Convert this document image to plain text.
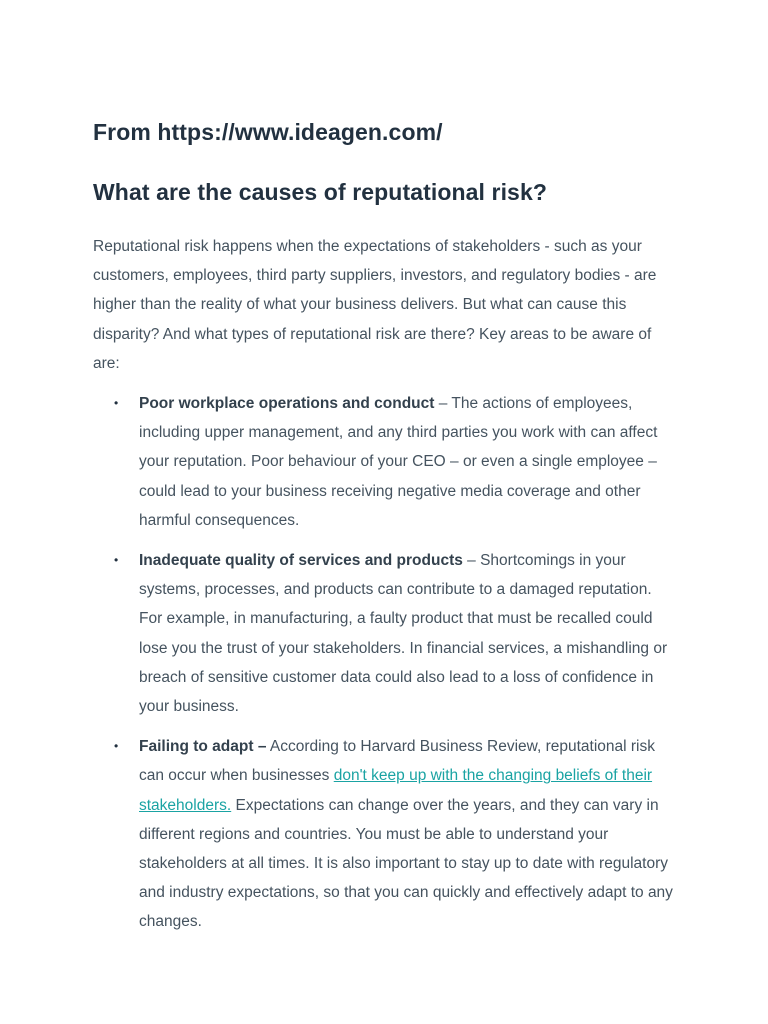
From https://www.ideagen.com/
What are the causes of reputational risk?

Reputational risk happens when the expectations of stakeholders - such as your customers, employees, third party suppliers, investors, and regulatory bodies - are higher than the reality of what your business delivers. But what can cause this disparity? And what types of reputational risk are there? Key areas to be aware of are:

• Poor workplace operations and conduct – The actions of employees, including upper management, and any third parties you work with can affect your reputation. Poor behaviour of your CEO – or even a single employee – could lead to your business receiving negative media coverage and other harmful consequences.
• Inadequate quality of services and products – Shortcomings in your systems, processes, and products can contribute to a damaged reputation. For example, in manufacturing, a faulty product that must be recalled could lose you the trust of your stakeholders. In financial services, a mishandling or breach of sensitive customer data could also lead to a loss of confidence in your business.
• Failing to adapt – According to Harvard Business Review, reputational risk can occur when businesses don't keep up with the changing beliefs of their stakeholders. Expectations can change over the years, and they can vary in different regions and countries. You must be able to understand your stakeholders at all times. It is also important to stay up to date with regulatory and industry expectations, so that you can quickly and effectively adapt to any changes.
